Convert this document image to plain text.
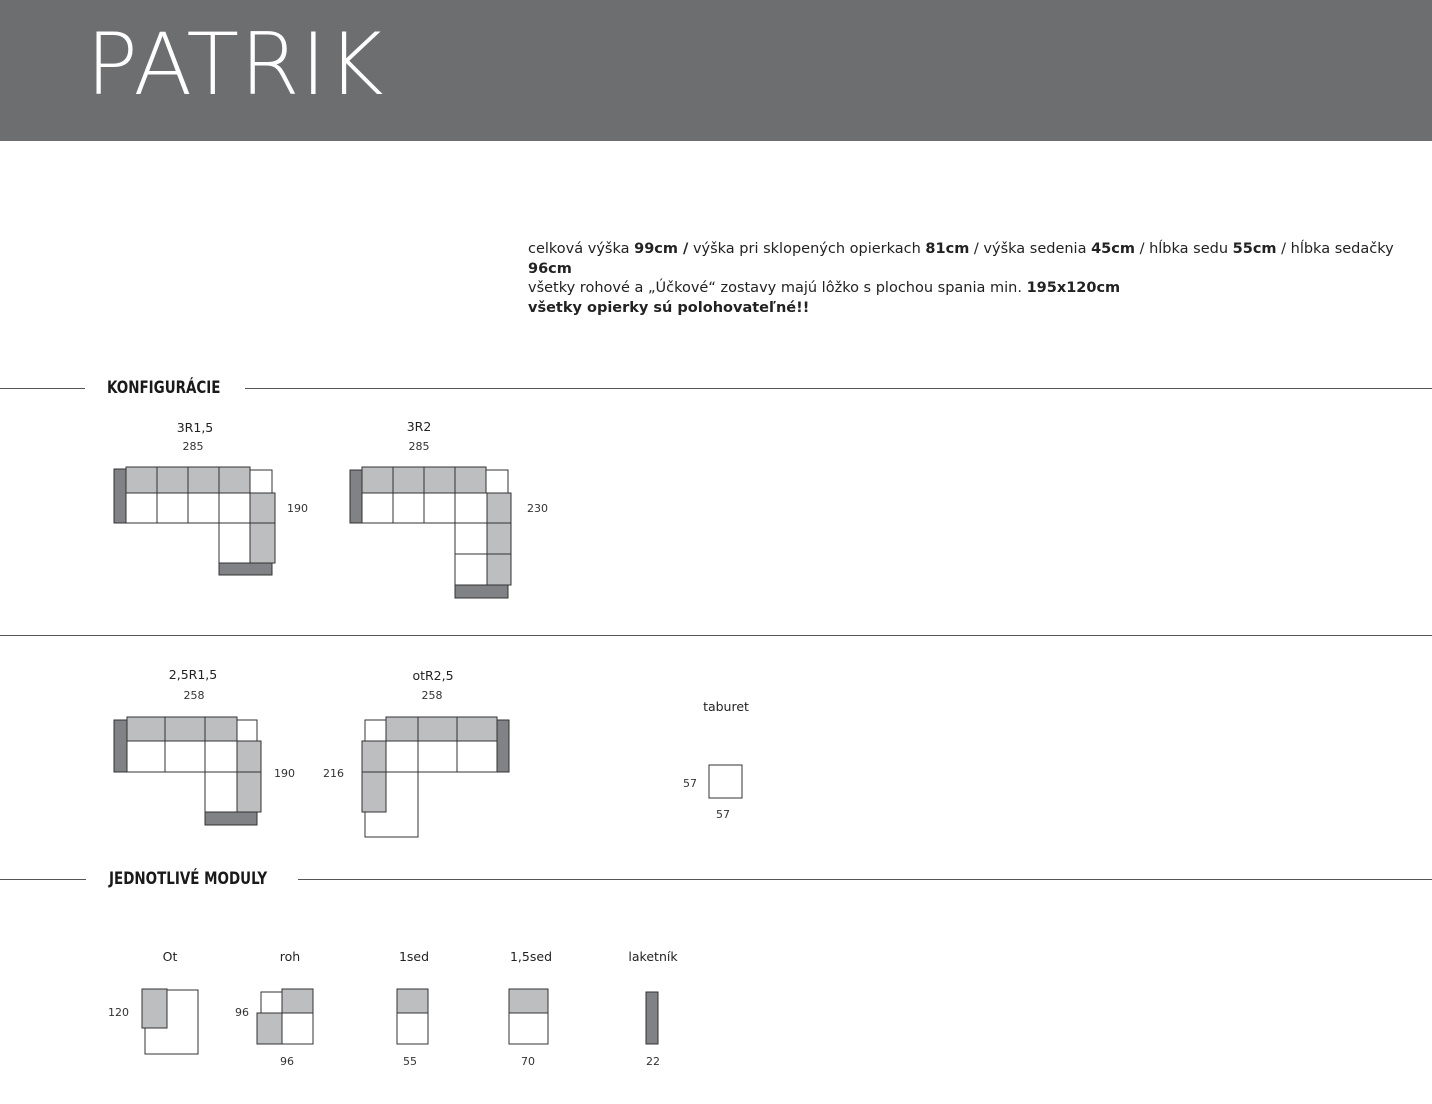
PATRIK
celková výška 99cm / výška pri sklopených opierkach 81cm / výška sedenia 45cm / hĺbka sedu 55cm / hĺbka sedačky 96cm
všetky rohové a „Účkové“ zostavy majú lôžko s plochou spania min. 195x120cm
všetky opierky sú polohovateľné!!
KONFIGURÁCIE
JEDNOTLIVÉ MODULY
3R1,5
285
190
3R2
285
230
2,5R1,5
258
190
otR2,5
258
216
taburet
57
57
Ot
120
roh
96
96
1sed
55
1,5sed
70
laketník
22
